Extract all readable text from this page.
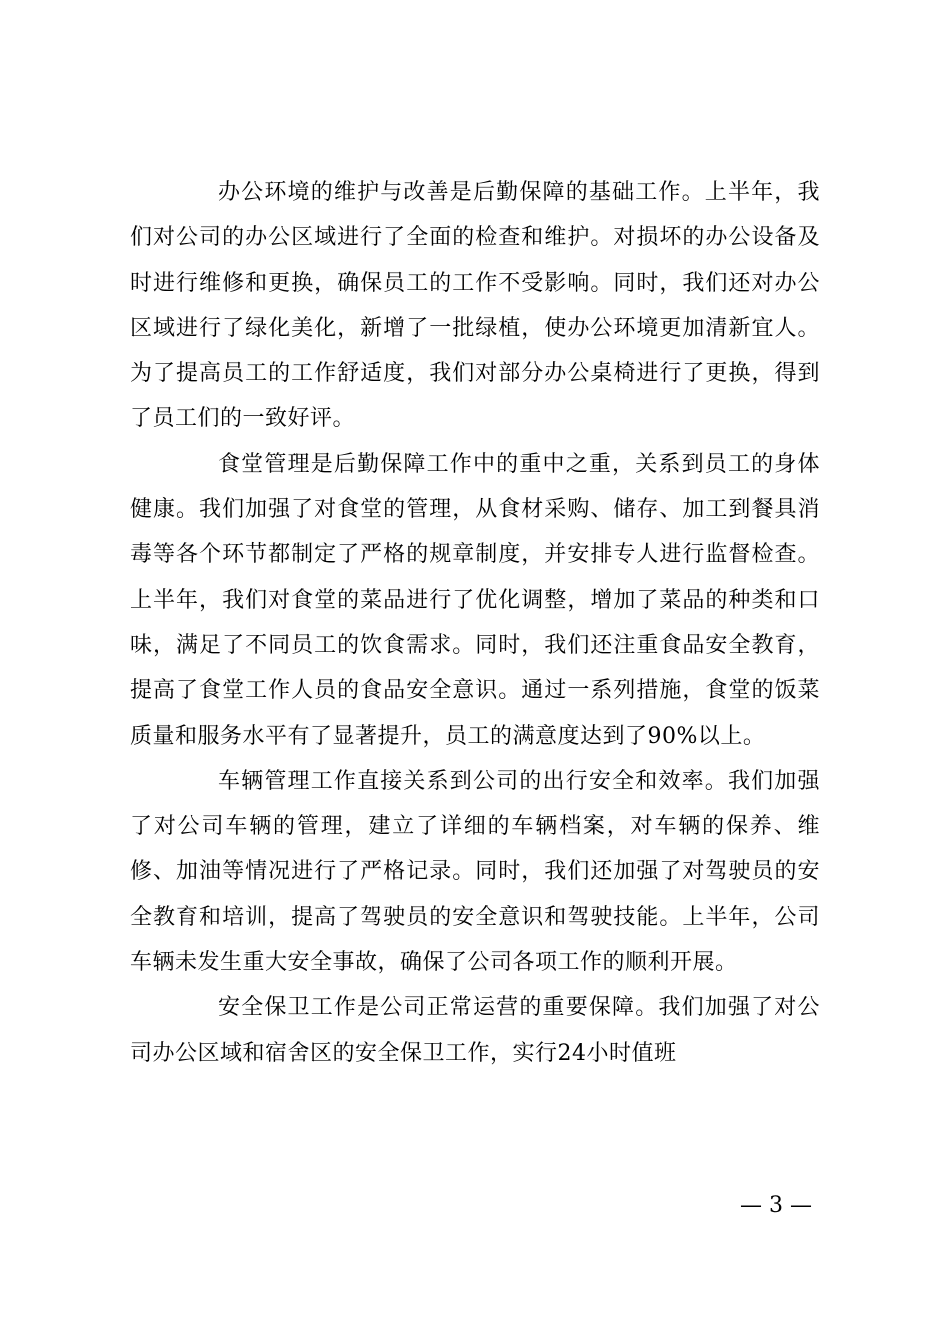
办公环境的维护与改善是后勤保障的基础工作。上半年，我们对公司的办公区域进行了全面的检查和维护。对损坏的办公设备及时进行维修和更换，确保员工的工作不受影响。同时，我们还对办公区域进行了绿化美化，新增了一批绿植，使办公环境更加清新宜人。为了提高员工的工作舒适度，我们对部分办公桌椅进行了更换，得到了员工们的一致好评。

食堂管理是后勤保障工作中的重中之重，关系到员工的身体健康。我们加强了对食堂的管理，从食材采购、储存、加工到餐具消毒等各个环节都制定了严格的规章制度，并安排专人进行监督检查。上半年，我们对食堂的菜品进行了优化调整，增加了菜品的种类和口味，满足了不同员工的饮食需求。同时，我们还注重食品安全教育，提高了食堂工作人员的食品安全意识。通过一系列措施，食堂的饭菜质量和服务水平有了显著提升，员工的满意度达到了90%以上。

车辆管理工作直接关系到公司的出行安全和效率。我们加强了对公司车辆的管理，建立了详细的车辆档案，对车辆的保养、维修、加油等情况进行了严格记录。同时，我们还加强了对驾驶员的安全教育和培训，提高了驾驶员的安全意识和驾驶技能。上半年，公司车辆未发生重大安全事故，确保了公司各项工作的顺利开展。

安全保卫工作是公司正常运营的重要保障。我们加强了对公司办公区域和宿舍区的安全保卫工作，实行24小时值班

— 3 —
